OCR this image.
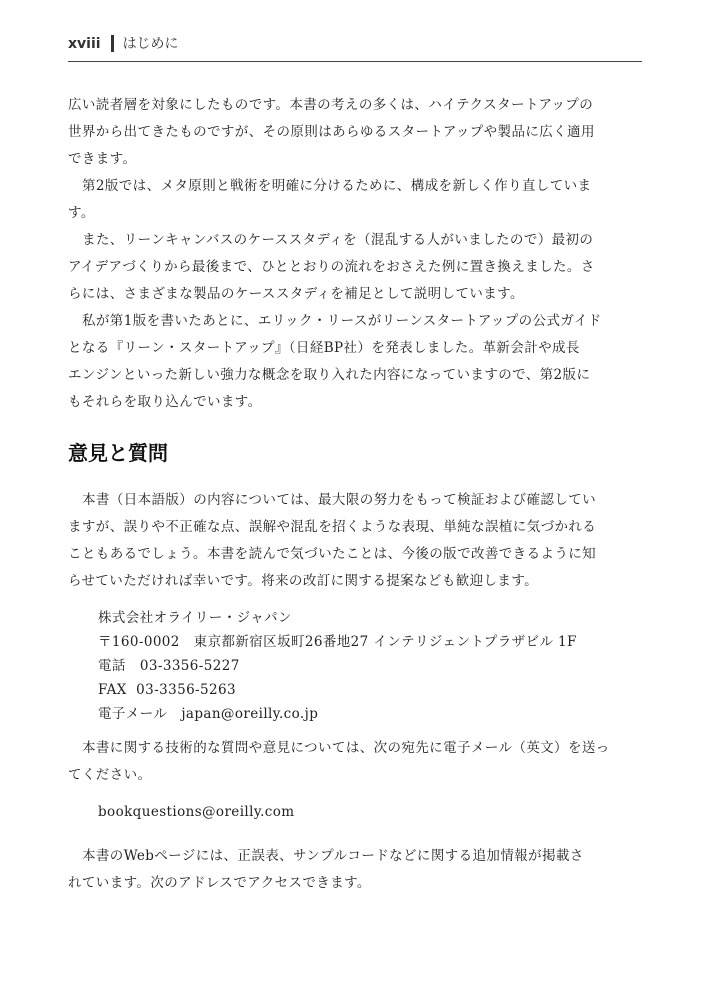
xviii はじめに
広い読者層を対象にしたものです。本書の考えの多くは、ハイテクスタートアップの
世界から出てきたものですが、その原則はあらゆるスタートアップや製品に広く適用
できます。
第2版では、メタ原則と戦術を明確に分けるために、構成を新しく作り直していま
す。
また、リーンキャンバスのケーススタディを（混乱する人がいましたので）最初の
アイデアづくりから最後まで、ひととおりの流れをおさえた例に置き換えました。さ
らには、さまざまな製品のケーススタディを補足として説明しています。
私が第1版を書いたあとに、エリック・リースがリーンスタートアップの公式ガイド
となる『リーン・スタートアップ』（日経BP社）を発表しました。革新会計や成長
エンジンといった新しい強力な概念を取り入れた内容になっていますので、第2版に
もそれらを取り込んでいます。
意見と質問
本書（日本語版）の内容については、最大限の努力をもって検証および確認してい
ますが、誤りや不正確な点、誤解や混乱を招くような表現、単純な誤植に気づかれる
こともあるでしょう。本書を読んで気づいたことは、今後の版で改善できるように知
らせていただければ幸いです。将来の改訂に関する提案なども歓迎します。
株式会社オライリー・ジャパン
〒160-0002　東京都新宿区坂町26番地27 インテリジェントプラザビル 1F
電話 03-3356-5227
FAX 03-3356-5263
電子メール japan@oreilly.co.jp
本書に関する技術的な質問や意見については、次の宛先に電子メール（英文）を送っ
てください。
bookquestions@oreilly.com
本書のWebページには、正誤表、サンプルコードなどに関する追加情報が掲載さ
れています。次のアドレスでアクセスできます。
